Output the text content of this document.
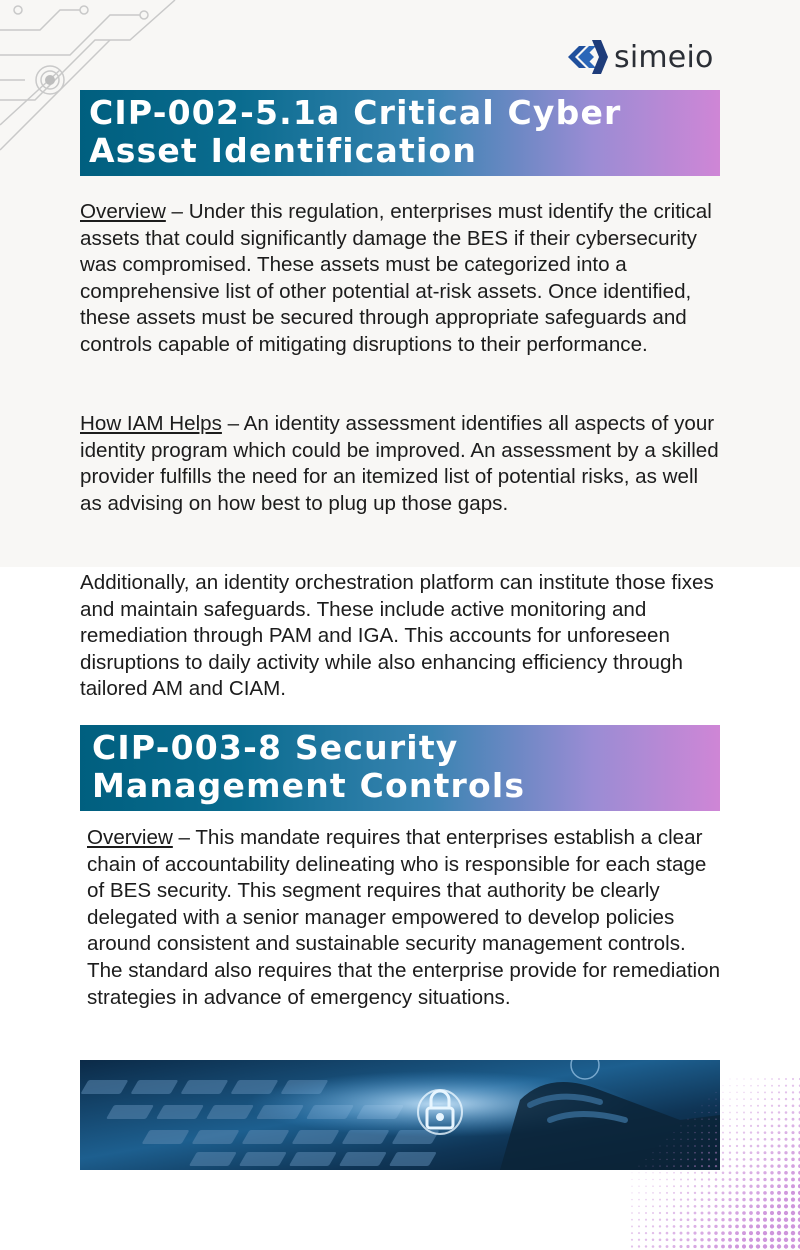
simeio
CIP-002-5.1a Critical Cyber
Asset Identification

Overview – Under this regulation, enterprises must identify the critical assets that could significantly damage the BES if their cybersecurity was compromised. These assets must be categorized into a comprehensive list of other potential at-risk assets. Once identified, these assets must be secured through appropriate safeguards and controls capable of mitigating disruptions to their performance.

How IAM Helps – An identity assessment identifies all aspects of your identity program which could be improved. An assessment by a skilled provider fulfills the need for an itemized list of potential risks, as well as advising on how best to plug up those gaps.

Additionally, an identity orchestration platform can institute those fixes and maintain safeguards. These include active monitoring and remediation through PAM and IGA. This accounts for unforeseen disruptions to daily activity while also enhancing efficiency through tailored AM and CIAM.

CIP-003-8 Security
Management Controls

Overview – This mandate requires that enterprises establish a clear chain of accountability delineating who is responsible for each stage of BES security. This segment requires that authority be clearly delegated with a senior manager empowered to develop policies around consistent and sustainable security management controls. The standard also requires that the enterprise provide for remediation strategies in advance of emergency situations.
